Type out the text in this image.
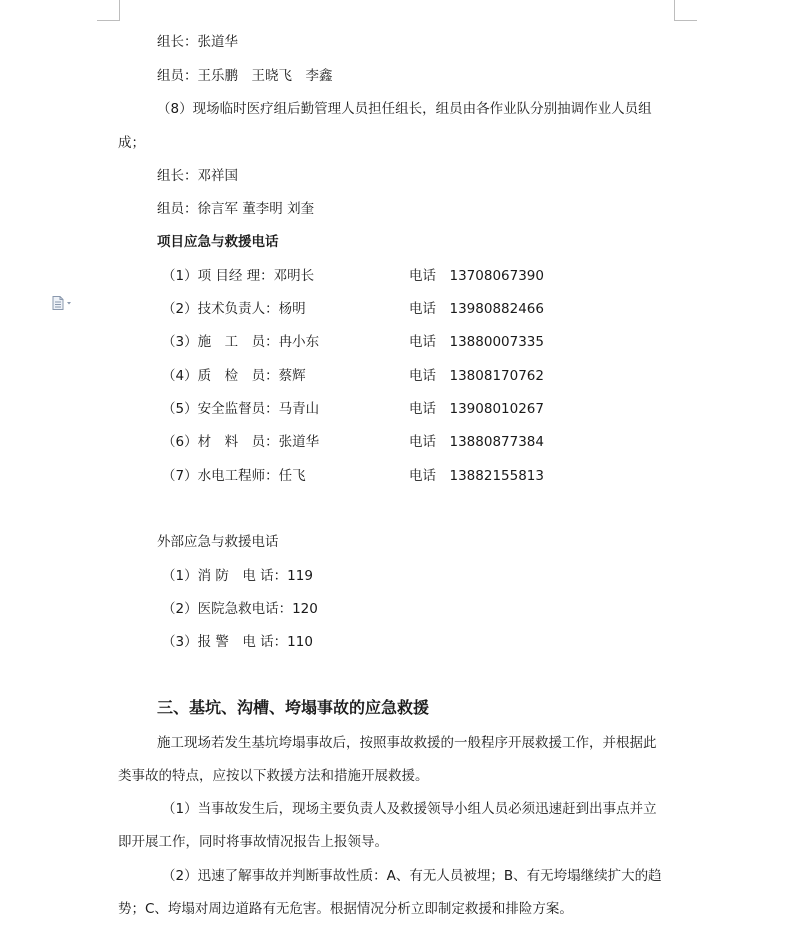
组长：张道华
组员：王乐鹏　王晓飞　李鑫
（8）现场临时医疗组后勤管理人员担任组长，组员由各作业队分别抽调作业人员组
成；
组长：邓祥国
组员：徐言军 董李明 刘奎
项目应急与救援电话
（1）项 目经 理：邓明长	电话　13708067390
（2）技术负责人：杨明	电话　13980882466
（3）施　工　员：冉小东	电话　13880007335
（4）质　检　员：蔡辉	电话　13808170762
（5）安全监督员：马青山	电话　13908010267
（6）材　料　员：张道华	电话　13880877384
（7）水电工程师：任飞	电话　13882155813
外部应急与救援电话
（1）消 防　电 话：119
（2）医院急救电话：120
（3）报 警　电 话：110
三、基坑、沟槽、垮塌事故的应急救援
施工现场若发生基坑垮塌事故后，按照事故救援的一般程序开展救援工作，并根据此
类事故的特点，应按以下救援方法和措施开展救援。
（1）当事故发生后，现场主要负责人及救援领导小组人员必须迅速赶到出事点并立
即开展工作，同时将事故情况报告上报领导。
（2）迅速了解事故并判断事故性质：A、有无人员被埋；B、有无垮塌继续扩大的趋
势；C、垮塌对周边道路有无危害。根据情况分析立即制定救援和排险方案。
